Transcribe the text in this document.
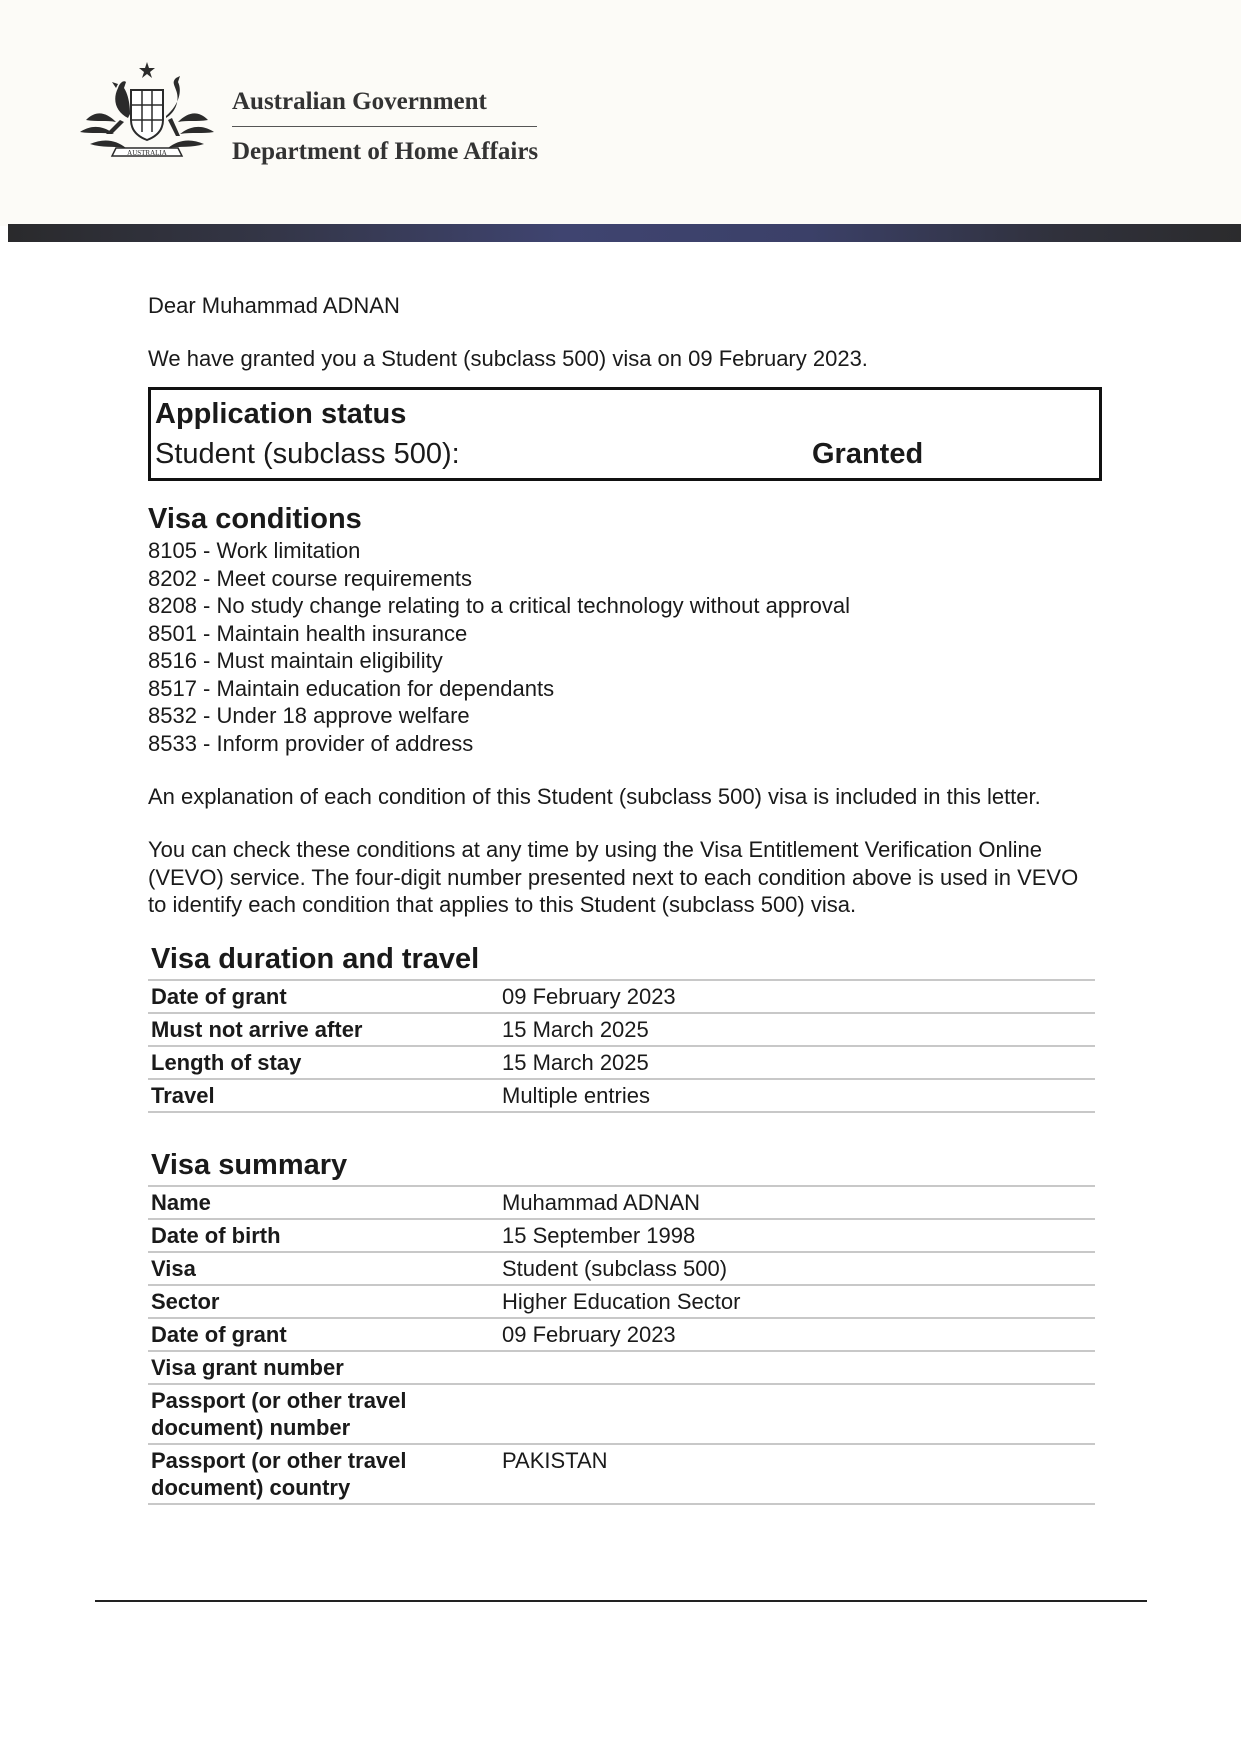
AUSTRALIA
Australian Government
Department of Home Affairs

Dear Muhammad ADNAN

We have granted you a Student (subclass 500) visa on 09 February 2023.

Application status
Student (subclass 500):	Granted
Visa conditions
8105 - Work limitation
8202 - Meet course requirements
8208 - No study change relating to a critical technology without approval
8501 - Maintain health insurance
8516 - Must maintain eligibility
8517 - Maintain education for dependants
8532 - Under 18 approve welfare
8533 - Inform provider of address

An explanation of each condition of this Student (subclass 500) visa is included in this letter.

You can check these conditions at any time by using the Visa Entitlement Verification Online (VEVO) service. The four-digit number presented next to each condition above is used in VEVO to identify each condition that applies to this Student (subclass 500) visa.

Visa duration and travel
Date of grant	09 February 2023
Must not arrive after	15 March 2025
Length of stay	15 March 2025
Travel	Multiple entries
Visa summary
Name	Muhammad ADNAN
Date of birth	15 September 1998
Visa	Student (subclass 500)
Sector	Higher Education Sector
Date of grant	09 February 2023
Visa grant number	
Passport (or other travel document) number	
Passport (or other travel document) country	PAKISTAN
